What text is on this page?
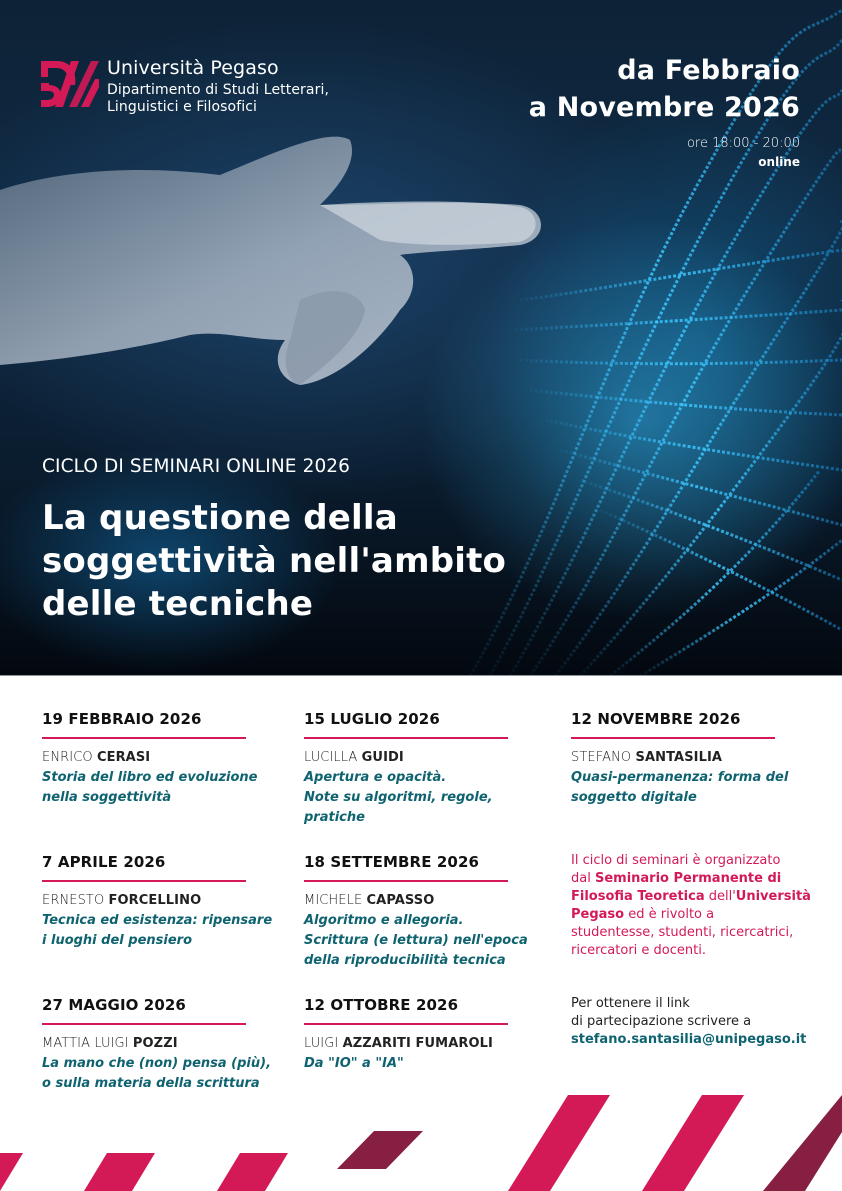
Università Pegaso
Dipartimento di Studi Letterari,
Linguistici e Filosofici
da Febbraio
a Novembre 2026
ore 18:00 - 20:00
online
CICLO DI SEMINARI ONLINE 2026
La questione della
soggettività nell'ambito
delle tecniche
19 FEBBRAIO 2026
ENRICO CERASI
Storia del libro ed evoluzione
nella soggettività
7 APRILE 2026
ERNESTO FORCELLINO
Tecnica ed esistenza: ripensare
i luoghi del pensiero
27 MAGGIO 2026
MATTIA LUIGI POZZI
La mano che (non) pensa (più),
o sulla materia della scrittura
15 LUGLIO 2026
LUCILLA GUIDI
Apertura e opacità.
Note su algoritmi, regole,
pratiche
18 SETTEMBRE 2026
MICHELE CAPASSO
Algoritmo e allegoria.
Scrittura (e lettura) nell'epoca
della riproducibilità tecnica
12 OTTOBRE 2026
LUIGI AZZARITI FUMAROLI
Da "IO" a "IA"
12 NOVEMBRE 2026
STEFANO SANTASILIA
Quasi-permanenza: forma del
soggetto digitale
Il ciclo di seminari è organizzato
dal Seminario Permanente di
Filosofia Teoretica dell'Università
Pegaso ed è rivolto a
studentesse, studenti, ricercatrici,
ricercatori e docenti.
Per ottenere il link
di partecipazione scrivere a
stefano.santasilia@unipegaso.it
